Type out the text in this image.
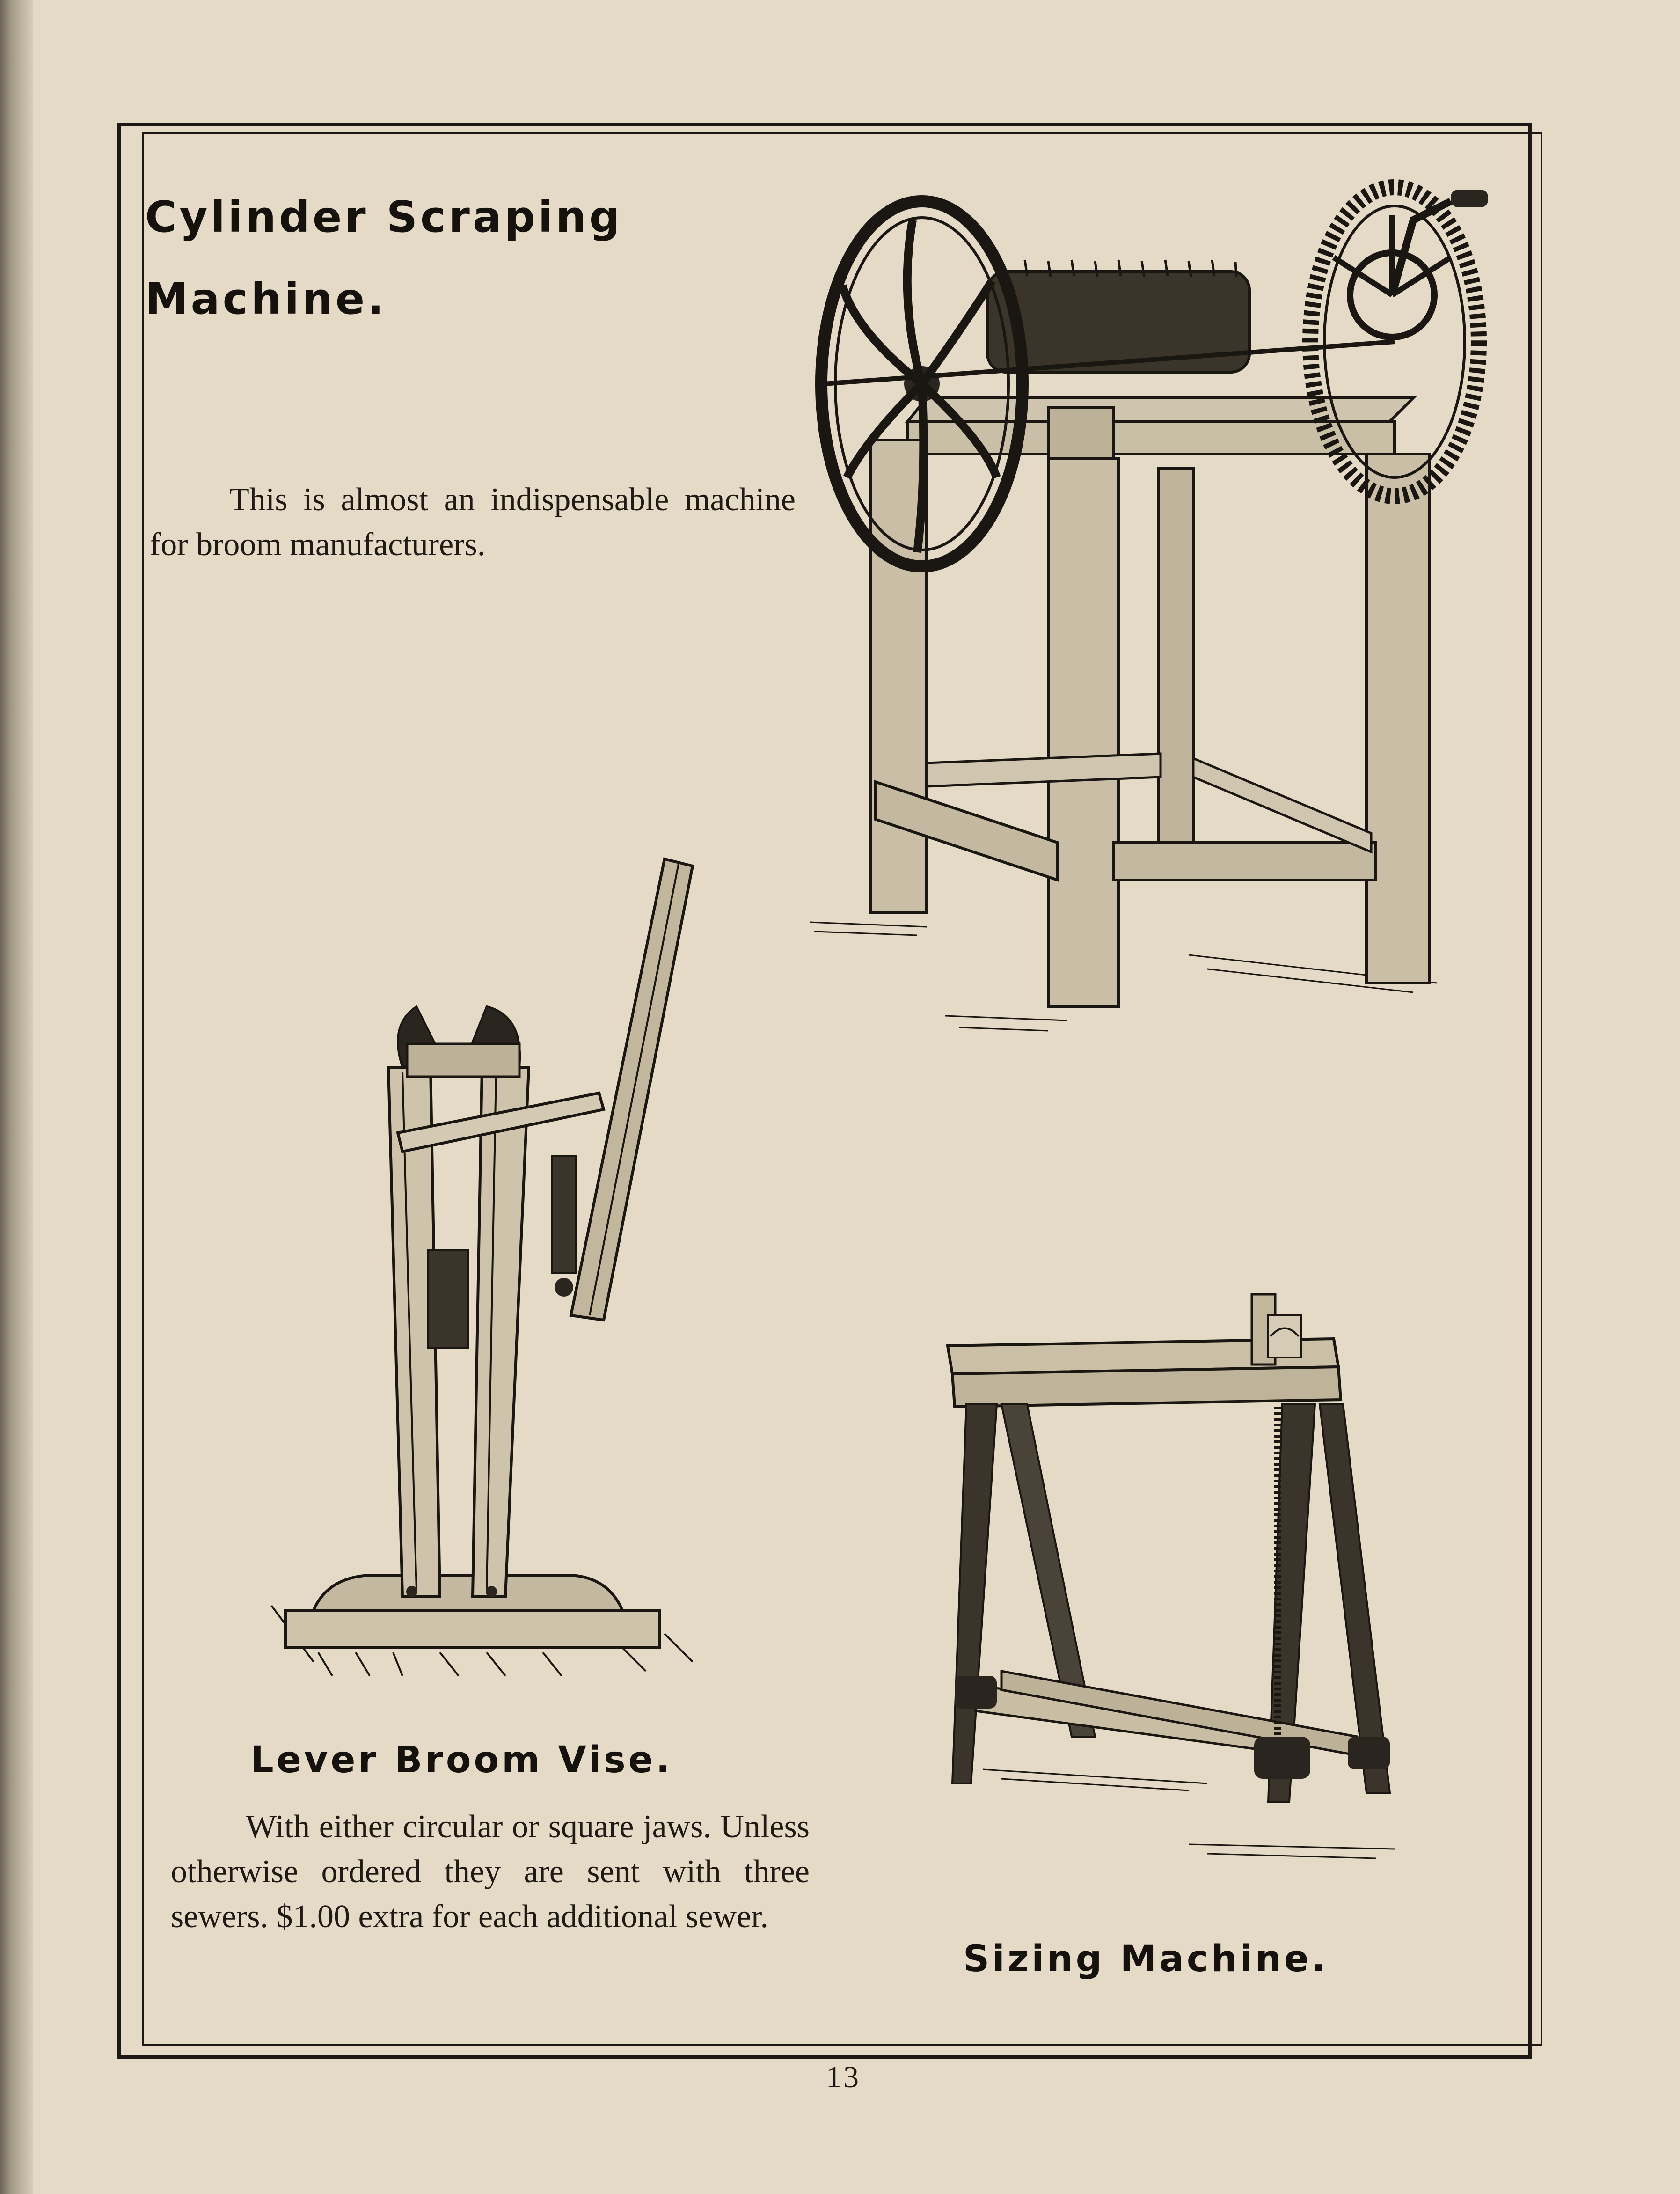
Cylinder Scraping
Machine.
This is almost an indispensable machine for broom manufacturers.
Lever Broom Vise.
With either circular or square jaws. Unless otherwise ordered they are sent with three sewers. $1.00 extra for each additional sewer.
Sizing Machine.
13
